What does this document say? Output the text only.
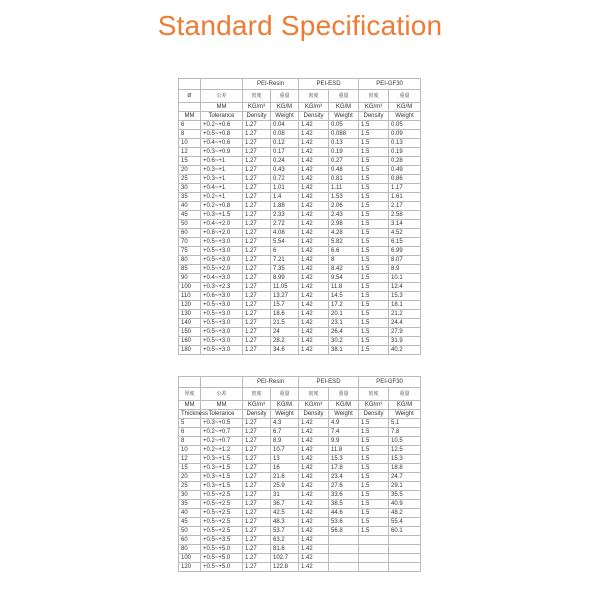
Standard Specification
		PEI-Resin		PEI-ESD		PEI-GF30	
Ø	公差	密度	重量	密度	重量	密度	重量
	MM	KG/m³	KG/M	KG/m³	KG/M	KG/m³	KG/M
MM	Tolerance	Density	Weight	Density	Weight	Density	Weight
6	+0.2~+0.6	1.27	0.04	1.42	0.05	1.5	0.05
8	+0.5~+0.8	1.27	0.08	1.42	0.088	1.5	0.09
10	+0.4~+0.6	1.27	0.12	1.42	0.13	1.5	0.13
12	+0.3~+0.9	1.27	0.17	1.42	0.19	1.5	0.19
15	+0.6~+1	1.27	0.24	1.42	0.27	1.5	0.28
20	+0.3~+1	1.27	0.43	1.42	0.48	1.5	0.49
25	+0.3~+1	1.27	0.72	1.42	0.81	1.5	0.86
30	+0.4~+1	1.27	1.01	1.42	1.11	1.5	1.17
35	+0.2~+1	1.27	1.4	1.42	1.53	1.5	1.61
40	+0.2~+0.8	1.27	1.88	1.42	2.06	1.5	2.17
45	+0.3~+1.5	1.27	2.33	1.42	2.43	1.5	2.58
50	+0.4~+2.0	1.27	2.72	1.42	2.98	1.5	3.14
60	+0.8~+2.0	1.27	4.08	1.42	4.28	1.5	4.52
70	+0.5~+3.0	1.27	5.54	1.42	5.82	1.5	6.15
75	+0.5~+3.0	1.27	6	1.42	6.6	1.5	6.99
80	+0.5~+3.0	1.27	7.21	1.42	8	1.5	8.07
85	+0.5~+2.0	1.27	7.35	1.42	8.42	1.5	8.9
90	+0.4~+3.0	1.27	8.99	1.42	9.54	1.5	10.1
100	+0.3~+2.3	1.27	11.05	1.42	11.8	1.5	12.4
110	+0.6~+3.0	1.27	13.27	1.42	14.5	1.5	15.3
120	+0.5~+3.0	1.27	15.7	1.42	17.2	1.5	18.1
130	+0.5~+3.0	1.27	18.6	1.42	20.1	1.5	21.2
140	+0.5~+3.0	1.27	21.5	1.42	23.1	1.5	24.4
150	+0.5~+3.0	1.27	24	1.42	26.4	1.5	27.9
160	+0.5~+3.0	1.27	28.2	1.42	30.2	1.5	31.9
180	+0.5~+3.0	1.27	34.6	1.42	38.1	1.5	40.2
		PEI-Resin		PEI-ESD		PEI-GF30	
厚度	公差	密度	重量	密度	重量	密度	重量
MM	MM	KG/m³	KG/M	KG/m³	KG/M	KG/m³	KG/M
Thickness	Tolerance	Density	Weight	Density	Weight	Density	Weight
5	+0.3~+0.5	1.27	4.3	1.42	4.9	1.5	5.1
6	+0.2~+0.7	1.27	6.7	1.42	7.4	1.5	7.8
8	+0.2~+0.7	1.27	8.9	1.42	9.9	1.5	10.5
10	+0.2~+1.2	1.27	10.7	1.42	11.8	1.5	12.5
12	+0.3~+1.5	1.27	13	1.42	15.3	1.5	15.3
15	+0.3~+1.5	1.27	16	1.42	17.8	1.5	18.8
20	+0.3~+1.5	1.27	21.6	1.42	23.4	1.5	24.7
25	+0.3~+1.5	1.27	25.9	1.42	27.6	1.5	29.1
30	+0.5~+2.5	1.27	31	1.42	33.6	1.5	35.5
35	+0.5~+2.5	1.27	36.7	1.42	38.5	1.5	40.9
40	+0.5~+2.5	1.27	42.5	1.42	44.6	1.5	48.2
45	+0.5~+2.5	1.27	48.3	1.42	53.6	1.5	55.4
50	+0.5~+2.5	1.27	53.7	1.42	56.8	1.5	60.1
60	+0.5~+3.5	1.27	63.2	1.42			
80	+0.5~+5.0	1.27	81.6	1.42			
100	+0.5~+5.0	1.27	102.7	1.42			
120	+0.5~+5.0	1.27	122.8	1.42			
